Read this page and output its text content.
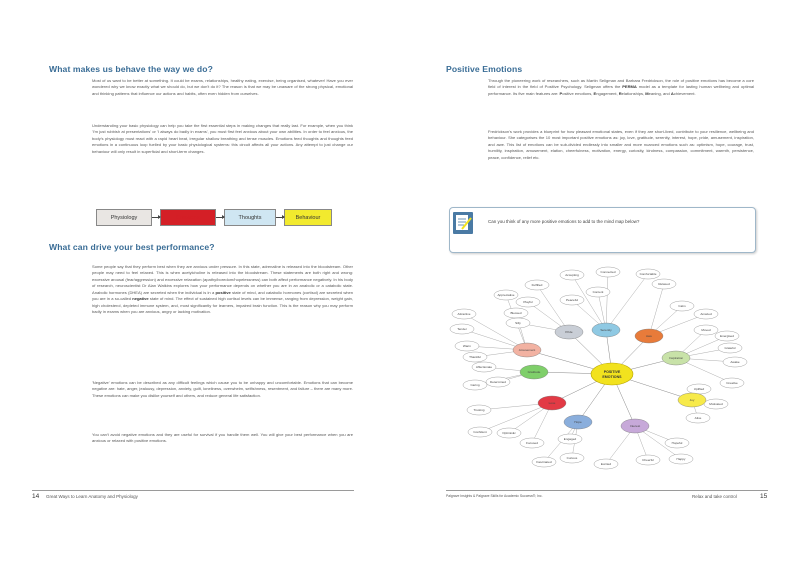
What makes us behave the way we do?

Most of us want to be better at something. It could be exams, relationships, healthy eating, exercise, being organised, whatever! Have you ever wondered why we know exactly what we should do, but we don't do it? The reason is that we may be unaware of the strong physical, emotional and thinking patterns that influence our actions and habits, often even hidden from ourselves.

Understanding your basic physiology can help you take the first essential steps in making changes that really last. For example, when you think 'I'm just rubbish at presentations' or 'I always do badly in exams', you must first feel anxious about your own abilities. In order to feel anxious, the body's physiology must react with a rapid heart beat, irregular shallow breathing and tense muscles. Emotions feed thoughts and thoughts feed emotions in a continuous loop fuelled by your basic physiological systems: this circuit affects all your actions. Any attempt to just change our behaviour will only result in superficial and short-term changes.

Physiology	Emotions	Thoughts	Behaviour
What can drive your best performance?

Some people say that they perform best when they are anxious under pressure. In this state, adrenaline is released into the bloodstream. Other people may need to feel relaxed. This is when acetylcholine is released into the bloodstream. These statements are both right and wrong: excessive arousal (fear/aggression) and excessive relaxation (apathy/boredom/hopelessness) can both affect performance negatively. In his body of research, neuroscientist Dr Alan Watkins explores how your performance depends on whether you are in an anabolic or a catabolic state. Anabolic hormones (DHEA) are secreted when the individual is in a positive state of mind, and catabolic hormones (cortisol) are secreted when you are in a so-called negative state of mind. The effect of sustained high cortisol levels can be immense, ranging from depression, weight gain, high cholesterol, depleted immune system, and, most significantly for learners, impaired brain function. This is the reason why you may perform badly in exams when you are anxious, angry or lacking motivation.

'Negative' emotions can be described as any difficult feelings which cause you to be unhappy and uncomfortable. Emotions that can become negative are: hate, anger, jealousy, depression, anxiety, guilt, loneliness, overwhelm, selfishness, resentment, and failure – there are many more. These emotions can make you dislike yourself and others, and reduce general life satisfaction.

You can't avoid negative emotions and they are useful for survival if you handle them well. You will give your best performance when you are anxious or relaxed with positive emotions.

14 Great Ways to Learn Anatomy and Physiology
Positive Emotions

Through the pioneering work of researchers, such as Martin Seligman and Barbara Fredrickson, the role of positive emotions has become a core field of interest in the field of Positive Psychology. Seligman offers the PERMA model as a template for lasting human wellbeing and optimal performance. Its five main features are: Positive emotions, Engagement, Relationships, Meaning, and Achievement.

Fredrickson's work provides a blueprint for how pleasant emotional states, even if they are short-lived, contribute to your resilience, wellbeing and behaviour. She categorises the 10 most important positive emotions as: joy, love, gratitude, serenity, interest, hope, pride, amusement, inspiration, and awe. This list of emotions can be sub-divided endlessly into smaller and more nuanced emotions such as: optimism, hope, courage, trust, humility, inspiration, amusement, elation, cheerfulness, motivation, energy, curiosity, kindness, compassion, commitment, warmth, persistence, peace, confidence, relief etc.

Can you think of any more positive emotions to add to the mind map below?
Accepting
Connected	Comfortable
Content
Peaceful
Relaxed
Calm
Amazed
Moved
Energised
Grateful
Awake
Creative
Uplifted
Motivated
Alive
Hopeful
Happy
Cheerful
Excited
Curious
Fascinated
Engaged
Focused
Optimistic
Confident
Trusting
Determined
Caring
Affectionate
Attractive
Tender
Warm
Thankful
Appreciative
Blessed
Fulfilled
Playful
Silly
Serenity
Awe
Inspiration
Joy
Interest
Hope
Love
Gratitude
Amusement
Pride
POSITIVE
EMOTIONS
Palgrave Insights & Palgrave Skills for Academic Success®, Inc.	Relax and take control	15
